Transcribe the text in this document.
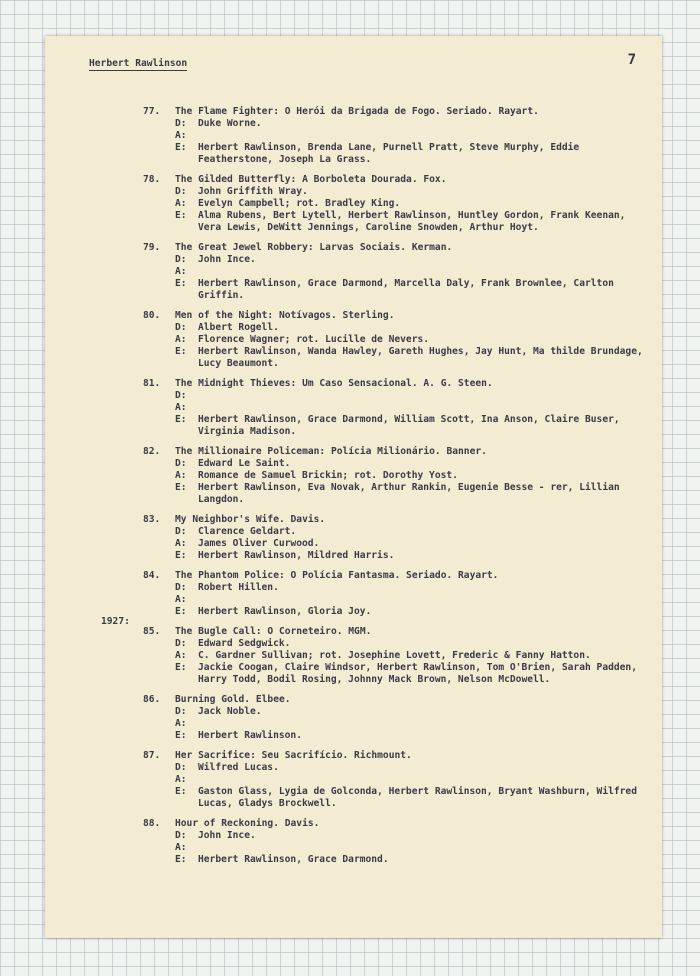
Herbert Rawlinson	7
1927:
77.	The Flame Fighter: O Herói da Brigada de Fogo. Seriado. Rayart.
D:	Duke Worne.
A:
E:	Herbert Rawlinson, Brenda Lane, Purnell Pratt, Steve Murphy, Eddie Featherstone, Joseph La Grass.
78.	The Gilded Butterfly: A Borboleta Dourada. Fox.
D:	John Griffith Wray.
A:	Evelyn Campbell; rot. Bradley King.
E:	Alma Rubens, Bert Lytell, Herbert Rawlinson, Huntley Gordon, Frank Keenan, Vera Lewis, DeWitt Jennings, Caroline Snowden, Arthur Hoyt.
79.	The Great Jewel Robbery: Larvas Sociais. Kerman.
D:	John Ince.
A:
E:	Herbert Rawlinson, Grace Darmond, Marcella Daly, Frank Brownlee, Carlton Griffin.
80.	Men of the Night: Notívagos. Sterling.
D:	Albert Rogell.
A:	Florence Wagner; rot. Lucille de Nevers.
E:	Herbert Rawlinson, Wanda Hawley, Gareth Hughes, Jay Hunt, Ma thilde Brundage, Lucy Beaumont.
81.	The Midnight Thieves: Um Caso Sensacional. A. G. Steen.
D:
A:
E:	Herbert Rawlinson, Grace Darmond, William Scott, Ina Anson, Claire Buser, Virginia Madison.
82.	The Millionaire Policeman: Polícia Milionário. Banner.
D:	Edward Le Saint.
A:	Romance de Samuel Brickin; rot. Dorothy Yost.
E:	Herbert Rawlinson, Eva Novak, Arthur Rankin, Eugenie Besse - rer, Lillian Langdon.
83.	My Neighbor's Wife. Davis.
D:	Clarence Geldart.
A:	James Oliver Curwood.
E:	Herbert Rawlinson, Mildred Harris.
84.	The Phantom Police: O Polícia Fantasma. Seriado. Rayart.
D:	Robert Hillen.
A:
E:	Herbert Rawlinson, Gloria Joy.
85.	The Bugle Call: O Corneteiro. MGM.
D:	Edward Sedgwick.
A:	C. Gardner Sullivan; rot. Josephine Lovett, Frederic & Fanny Hatton.
E:	Jackie Coogan, Claire Windsor, Herbert Rawlinson, Tom O'Brien, Sarah Padden, Harry Todd, Bodil Rosing, Johnny Mack Brown, Nelson McDowell.
86.	Burning Gold. Elbee.
D:	Jack Noble.
A:
E:	Herbert Rawlinson.
87.	Her Sacrifice: Seu Sacrifício. Richmount.
D:	Wilfred Lucas.
A:
E:	Gaston Glass, Lygia de Golconda, Herbert Rawlinson, Bryant Washburn, Wilfred Lucas, Gladys Brockwell.
88.	Hour of Reckoning. Davis.
D:	John Ince.
A:
E:	Herbert Rawlinson, Grace Darmond.
